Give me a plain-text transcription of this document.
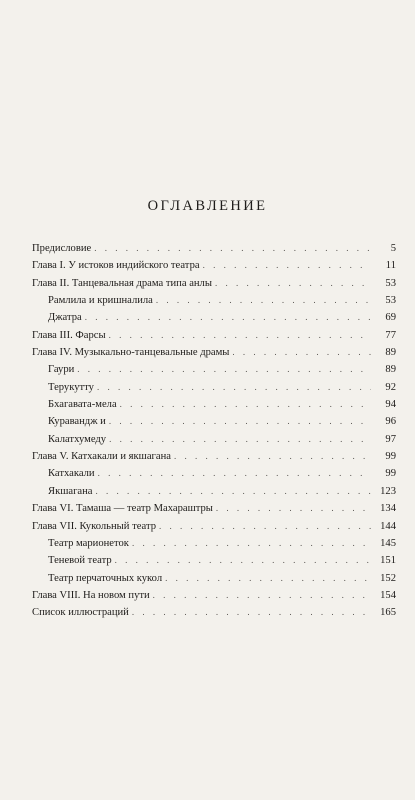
ОГЛАВЛЕНИЕ
Предисловие . . .	5
Глава I. У истоков индийского театра . . .	11
Глава II. Танцевальная драма типа анлы . . .	53
Рамлила и кришналила . . .	53
Джатра . . .	69
Глава III. Фарсы . . .	77
Глава IV. Музыкально-танцевальные драмы . . .	89
Гаури . . .	89
Терукутту . . .	92
Бхагавата-мела . . .	94
Куравандж и . . .	96
Калатхумеду . . .	97
Глава V. Катхакали и якшагана . . .	99
Катхакали . . .	99
Якшагана . . .	123
Глава VI. Тамаша — театр Махараштры . . .	134
Глава VII. Кукольный театр . . .	144
Театр марионеток . . .	145
Теневой театр . . .	151
Театр перчаточных кукол . . .	152
Глава VIII. На новом пути . . .	154
Список иллюстраций . . .	165
